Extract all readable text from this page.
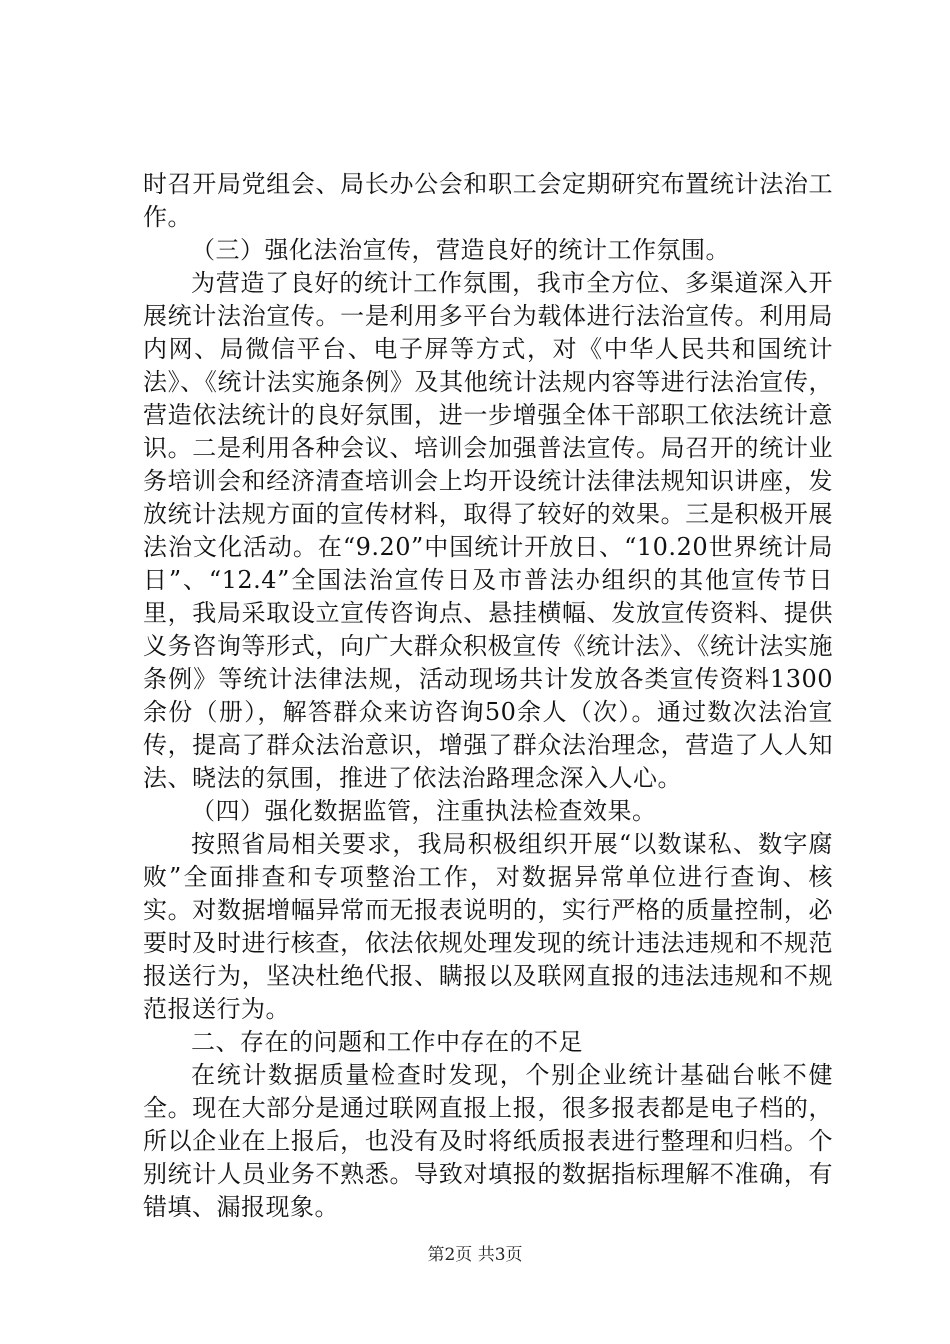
时召开局党组会、局长办公会和职工会定期研究布置统计法治工作。

（三）强化法治宣传，营造良好的统计工作氛围。

为营造了良好的统计工作氛围，我市全方位、多渠道深入开展统计法治宣传。一是利用多平台为载体进行法治宣传。利用局内网、局微信平台、电子屏等方式，对《中华人民共和国统计法》、《统计法实施条例》及其他统计法规内容等进行法治宣传，营造依法统计的良好氛围，进一步增强全体干部职工依法统计意识。二是利用各种会议、培训会加强普法宣传。局召开的统计业务培训会和经济清查培训会上均开设统计法律法规知识讲座，发放统计法规方面的宣传材料，取得了较好的效果。三是积极开展法治文化活动。在“9.20”中国统计开放日、“10.20世界统计局日”、“12.4”全国法治宣传日及市普法办组织的其他宣传节日里，我局采取设立宣传咨询点、悬挂横幅、发放宣传资料、提供义务咨询等形式，向广大群众积极宣传《统计法》、《统计法实施条例》等统计法律法规，活动现场共计发放各类宣传资料1300余份（册），解答群众来访咨询50余人（次）。通过数次法治宣传，提高了群众法治意识，增强了群众法治理念，营造了人人知法、晓法的氛围，推进了依法治路理念深入人心。

（四）强化数据监管，注重执法检查效果。

按照省局相关要求，我局积极组织开展“以数谋私、数字腐败”全面排查和专项整治工作，对数据异常单位进行查询、核实。对数据增幅异常而无报表说明的，实行严格的质量控制，必要时及时进行核查，依法依规处理发现的统计违法违规和不规范报送行为，坚决杜绝代报、瞒报以及联网直报的违法违规和不规范报送行为。

二、存在的问题和工作中存在的不足

在统计数据质量检查时发现，个别企业统计基础台帐不健全。现在大部分是通过联网直报上报，很多报表都是电子档的，所以企业在上报后，也没有及时将纸质报表进行整理和归档。个别统计人员业务不熟悉。导致对填报的数据指标理解不准确，有错填、漏报现象。

第2页 共3页
